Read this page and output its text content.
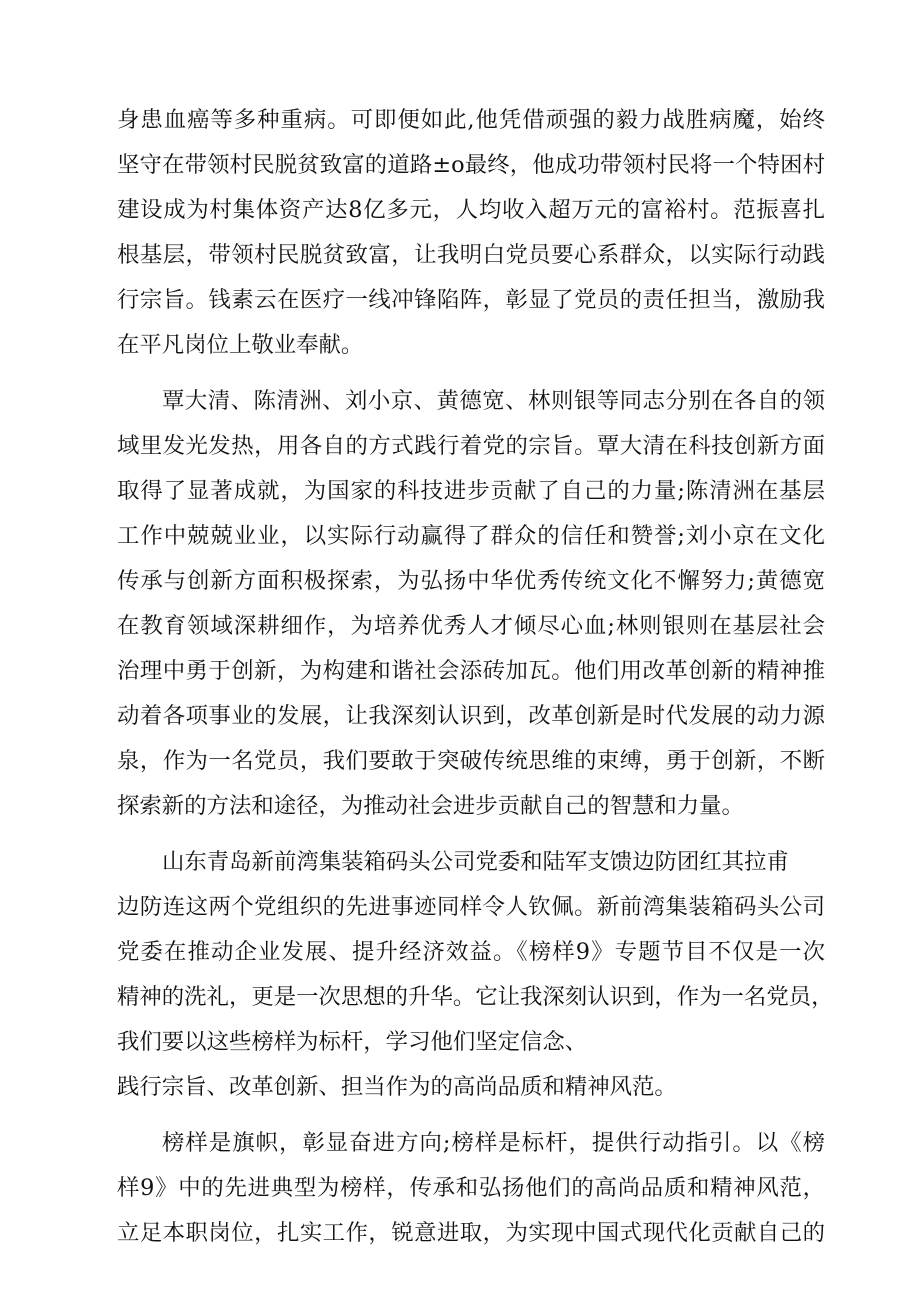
身患血癌等多种重病。可即便如此,他凭借顽强的毅力战胜病魔，始终
坚守在带领村民脱贫致富的道路±o最终，他成功带领村民将一个特困村
建设成为村集体资产达8亿多元，人均收入超万元的富裕村。范振喜扎
根基层，带领村民脱贫致富，让我明白党员要心系群众，以实际行动践
行宗旨。钱素云在医疗一线冲锋陷阵，彰显了党员的责任担当，激励我
在平凡岗位上敬业奉献。
覃大清、陈清洲、刘小京、黄德宽、林则银等同志分别在各自的领
域里发光发热，用各自的方式践行着党的宗旨。覃大清在科技创新方面
取得了显著成就，为国家的科技进步贡献了自己的力量;陈清洲在基层
工作中兢兢业业，以实际行动赢得了群众的信任和赞誉;刘小京在文化
传承与创新方面积极探索，为弘扬中华优秀传统文化不懈努力;黄德宽
在教育领域深耕细作，为培养优秀人才倾尽心血;林则银则在基层社会
治理中勇于创新，为构建和谐社会添砖加瓦。他们用改革创新的精神推
动着各项事业的发展，让我深刻认识到，改革创新是时代发展的动力源
泉，作为一名党员，我们要敢于突破传统思维的束缚，勇于创新，不断
探索新的方法和途径，为推动社会进步贡献自己的智慧和力量。
山东青岛新前湾集装箱码头公司党委和陆军支馈边防团红其拉甫
边防连这两个党组织的先进事迹同样令人钦佩。新前湾集装箱码头公司
党委在推动企业发展、提升经济效益。《榜样9》专题节目不仅是一次
精神的洗礼，更是一次思想的升华。它让我深刻认识到，作为一名党员，
我们要以这些榜样为标杆，学习他们坚定信念、
践行宗旨、改革创新、担当作为的高尚品质和精神风范。
榜样是旗帜，彰显奋进方向;榜样是标杆，提供行动指引。以《榜
样9》中的先进典型为榜样，传承和弘扬他们的高尚品质和精神风范，
立足本职岗位，扎实工作，锐意进取，为实现中国式现代化贡献自己的
